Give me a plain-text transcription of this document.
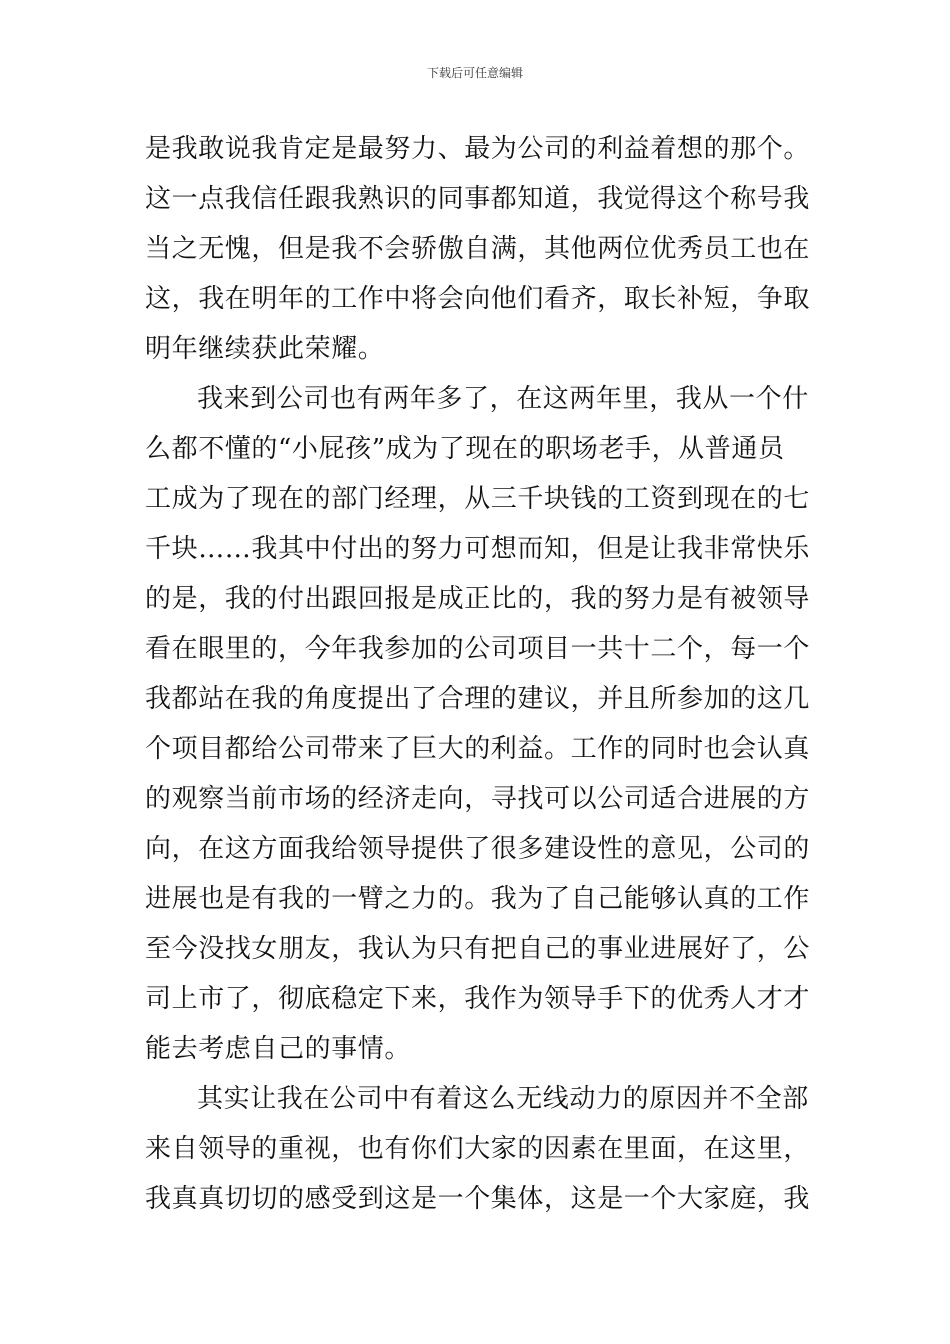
下载后可任意编辑
是我敢说我肯定是最努力、最为公司的利益着想的那个。
这一点我信任跟我熟识的同事都知道，我觉得这个称号我
当之无愧，但是我不会骄傲自满，其他两位优秀员工也在
这，我在明年的工作中将会向他们看齐，取长补短，争取
明年继续获此荣耀。
我来到公司也有两年多了，在这两年里，我从一个什
么都不懂的“小屁孩”成为了现在的职场老手，从普通员
工成为了现在的部门经理，从三千块钱的工资到现在的七
千块……我其中付出的努力可想而知，但是让我非常快乐
的是，我的付出跟回报是成正比的，我的努力是有被领导
看在眼里的，今年我参加的公司项目一共十二个，每一个
我都站在我的角度提出了合理的建议，并且所参加的这几
个项目都给公司带来了巨大的利益。工作的同时也会认真
的观察当前市场的经济走向，寻找可以公司适合进展的方
向，在这方面我给领导提供了很多建设性的意见，公司的
进展也是有我的一臂之力的。我为了自己能够认真的工作
至今没找女朋友，我认为只有把自己的事业进展好了，公
司上市了，彻底稳定下来，我作为领导手下的优秀人才才
能去考虑自己的事情。
其实让我在公司中有着这么无线动力的原因并不全部
来自领导的重视，也有你们大家的因素在里面，在这里，
我真真切切的感受到这是一个集体，这是一个大家庭，我
